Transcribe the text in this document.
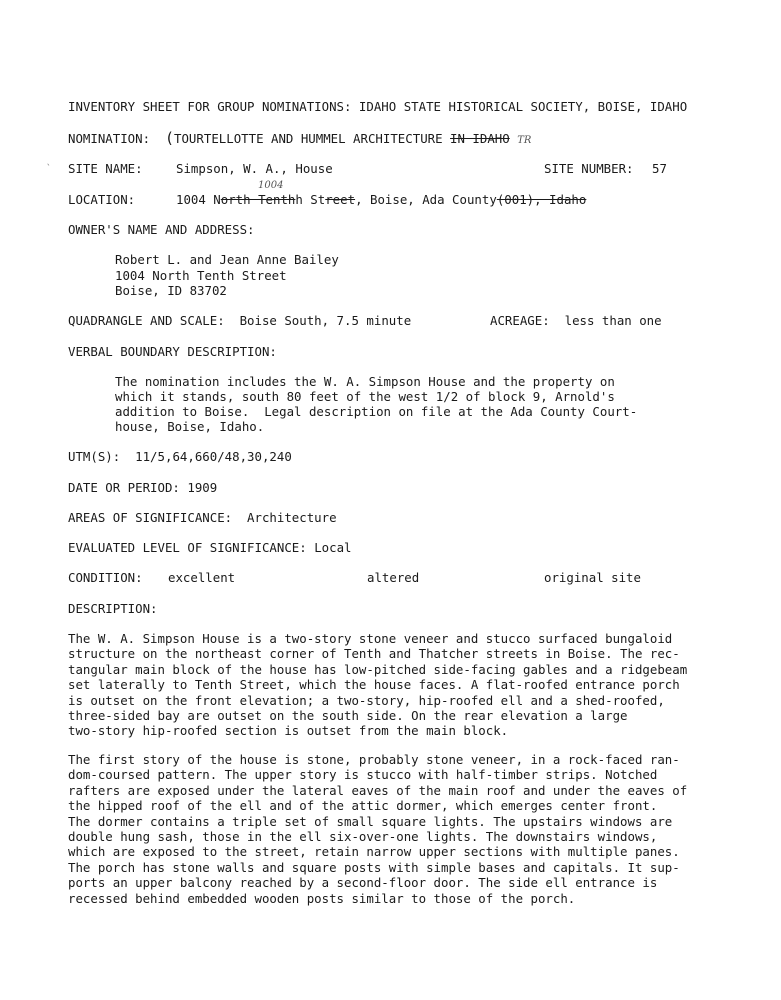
INVENTORY SHEET FOR GROUP NOMINATIONS: IDAHO STATE HISTORICAL SOCIETY, BOISE, IDAHO
NOMINATION: (TOURTELLOTTE AND HUMMEL ARCHITECTURE IN IDAHO TR
` SITE NAME:	Simpson, W. A., House	SITE NUMBER: 57
1004
LOCATION:	1004 North Tenthh Street, Boise, Ada County(001), Idaho
OWNER'S NAME AND ADDRESS:
Robert L. and Jean Anne Bailey
1004 North Tenth Street
Boise, ID 83702
QUADRANGLE AND SCALE: Boise South, 7.5 minute	ACREAGE: less than one
VERBAL BOUNDARY DESCRIPTION:
The nomination includes the W. A. Simpson House and the property on
which it stands, south 80 feet of the west 1/2 of block 9, Arnold's
addition to Boise.  Legal description on file at the Ada County Court-
house, Boise, Idaho.
UTM(S): 11/5,64,660/48,30,240
DATE OR PERIOD: 1909
AREAS OF SIGNIFICANCE: Architecture
EVALUATED LEVEL OF SIGNIFICANCE: Local
CONDITION: excellent	altered	original site
DESCRIPTION:
The W. A. Simpson House is a two-story stone veneer and stucco surfaced bungaloid
structure on the northeast corner of Tenth and Thatcher streets in Boise. The rec-
tangular main block of the house has low-pitched side-facing gables and a ridgebeam
set laterally to Tenth Street, which the house faces. A flat-roofed entrance porch
is outset on the front elevation; a two-story, hip-roofed ell and a shed-roofed,
three-sided bay are outset on the south side. On the rear elevation a large
two-story hip-roofed section is outset from the main block.
The first story of the house is stone, probably stone veneer, in a rock-faced ran-
dom-coursed pattern. The upper story is stucco with half-timber strips. Notched
rafters are exposed under the lateral eaves of the main roof and under the eaves of
the hipped roof of the ell and of the attic dormer, which emerges center front.
The dormer contains a triple set of small square lights. The upstairs windows are
double hung sash, those in the ell six-over-one lights. The downstairs windows,
which are exposed to the street, retain narrow upper sections with multiple panes.
The porch has stone walls and square posts with simple bases and capitals. It sup-
ports an upper balcony reached by a second-floor door. The side ell entrance is
recessed behind embedded wooden posts similar to those of the porch.
